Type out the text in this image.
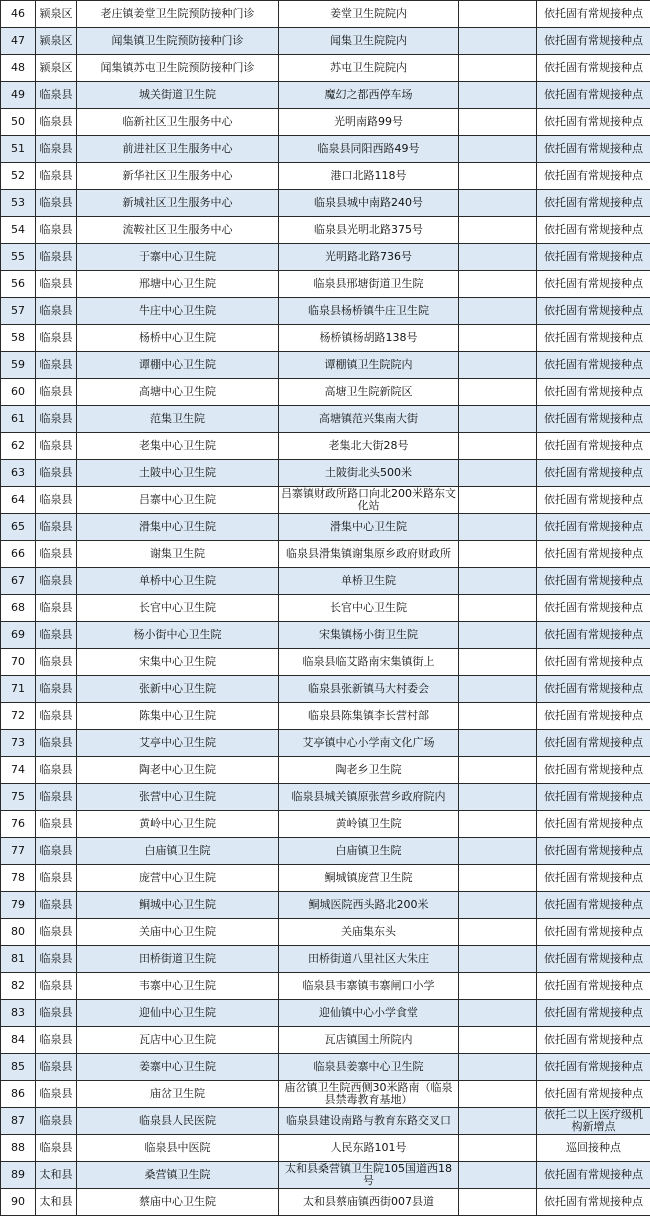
46	颍泉区	老庄镇姜堂卫生院预防接种门诊	姜堂卫生院院内		依托固有常规接种点
47	颍泉区	闻集镇卫生院预防接种门诊	闻集卫生院院内		依托固有常规接种点
48	颍泉区	闻集镇苏屯卫生院预防接种门诊	苏屯卫生院院内		依托固有常规接种点
49	临泉县	城关街道卫生院	魔幻之都西停车场		依托固有常规接种点
50	临泉县	临新社区卫生服务中心	光明南路99号		依托固有常规接种点
51	临泉县	前进社区卫生服务中心	临泉县同阳西路49号		依托固有常规接种点
52	临泉县	新华社区卫生服务中心	港口北路118号		依托固有常规接种点
53	临泉县	新城社区卫生服务中心	临泉县城中南路240号		依托固有常规接种点
54	临泉县	流鞍社区卫生服务中心	临泉县光明北路375号		依托固有常规接种点
55	临泉县	于寨中心卫生院	光明路北路736号		依托固有常规接种点
56	临泉县	邢塘中心卫生院	临泉县邢塘街道卫生院		依托固有常规接种点
57	临泉县	牛庄中心卫生院	临泉县杨桥镇牛庄卫生院		依托固有常规接种点
58	临泉县	杨桥中心卫生院	杨桥镇杨胡路138号		依托固有常规接种点
59	临泉县	谭棚中心卫生院	谭棚镇卫生院院内		依托固有常规接种点
60	临泉县	高塘中心卫生院	高塘卫生院新院区		依托固有常规接种点
61	临泉县	范集卫生院	高塘镇范兴集南大街		依托固有常规接种点
62	临泉县	老集中心卫生院	老集北大街28号		依托固有常规接种点
63	临泉县	土陂中心卫生院	土陂街北头500米		依托固有常规接种点
64	临泉县	吕寨中心卫生院	吕寨镇财政所路口向北200米路东文化站		依托固有常规接种点
65	临泉县	滑集中心卫生院	滑集中心卫生院		依托固有常规接种点
66	临泉县	谢集卫生院	临泉县滑集镇谢集原乡政府财政所		依托固有常规接种点
67	临泉县	单桥中心卫生院	单桥卫生院		依托固有常规接种点
68	临泉县	长官中心卫生院	长官中心卫生院		依托固有常规接种点
69	临泉县	杨小街中心卫生院	宋集镇杨小街卫生院		依托固有常规接种点
70	临泉县	宋集中心卫生院	临泉县临艾路南宋集镇街上		依托固有常规接种点
71	临泉县	张新中心卫生院	临泉县张新镇马大村委会		依托固有常规接种点
72	临泉县	陈集中心卫生院	临泉县陈集镇李长营村部		依托固有常规接种点
73	临泉县	艾亭中心卫生院	艾亭镇中心小学南文化广场		依托固有常规接种点
74	临泉县	陶老中心卫生院	陶老乡卫生院		依托固有常规接种点
75	临泉县	张营中心卫生院	临泉县城关镇原张营乡政府院内		依托固有常规接种点
76	临泉县	黄岭中心卫生院	黄岭镇卫生院		依托固有常规接种点
77	临泉县	白庙镇卫生院	白庙镇卫生院		依托固有常规接种点
78	临泉县	庞营中心卫生院	鲖城镇庞营卫生院		依托固有常规接种点
79	临泉县	鲖城中心卫生院	鲖城医院西头路北200米		依托固有常规接种点
80	临泉县	关庙中心卫生院	关庙集东头		依托固有常规接种点
81	临泉县	田桥街道卫生院	田桥街道八里社区大朱庄		依托固有常规接种点
82	临泉县	韦寨中心卫生院	临泉县韦寨镇韦寨闸口小学		依托固有常规接种点
83	临泉县	迎仙中心卫生院	迎仙镇中心小学食堂		依托固有常规接种点
84	临泉县	瓦店中心卫生院	瓦店镇国土所院内		依托固有常规接种点
85	临泉县	姜寨中心卫生院	临泉县姜寨中心卫生院		依托固有常规接种点
86	临泉县	庙岔卫生院	庙岔镇卫生院西侧30米路南（临泉县禁毒教育基地）		依托固有常规接种点
87	临泉县	临泉县人民医院	临泉县建设南路与教育东路交叉口		依托二以上医疗级机构新增点
88	临泉县	临泉县中医院	人民东路101号		巡回接种点
89	太和县	桑营镇卫生院	太和县桑营镇卫生院105国道西18号		依托固有常规接种点
90	太和县	蔡庙中心卫生院	太和县蔡庙镇西街007县道		依托固有常规接种点
